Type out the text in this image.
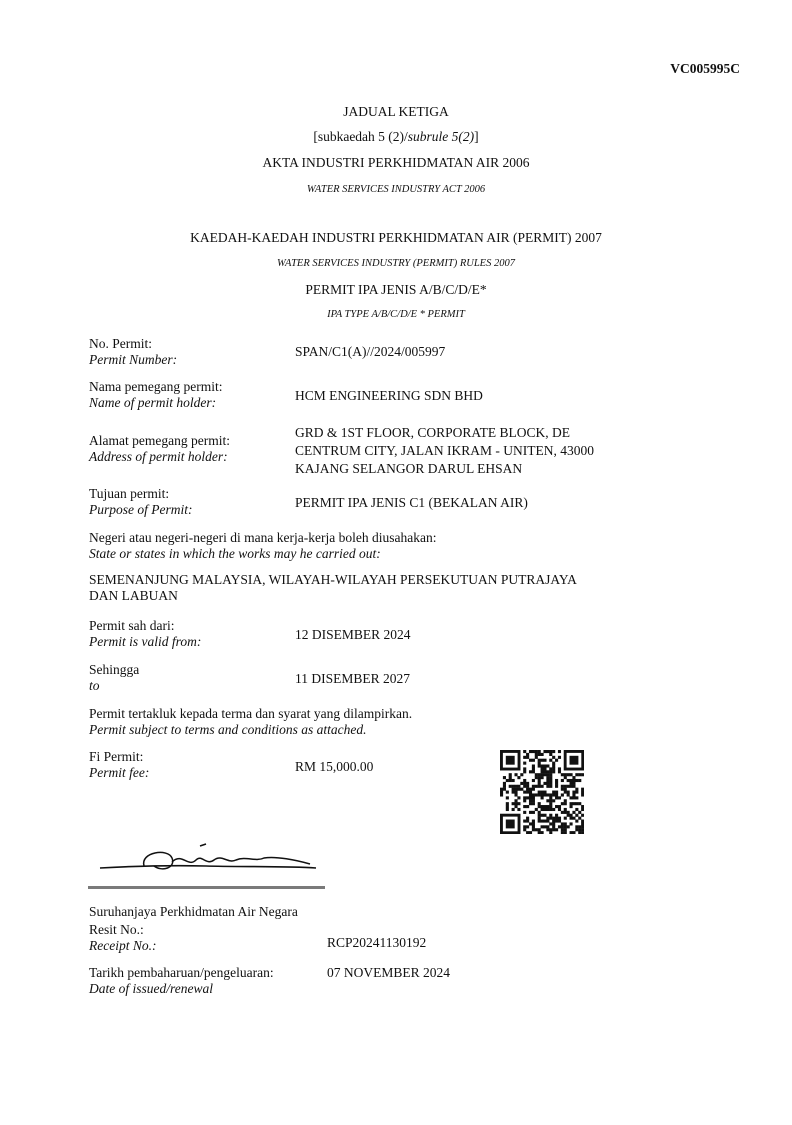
VC005995C
JADUAL KETIGA
[subkaedah 5 (2)/subrule 5(2)]
AKTA INDUSTRI PERKHIDMATAN AIR 2006
WATER SERVICES INDUSTRY ACT 2006
KAEDAH-KAEDAH INDUSTRI PERKHIDMATAN AIR (PERMIT) 2007
WATER SERVICES INDUSTRY (PERMIT) RULES 2007
PERMIT IPA JENIS A/B/C/D/E*
IPA TYPE A/B/C/D/E * PERMIT
No. Permit:
Permit Number:
SPAN/C1(A)//2024/005997
Nama pemegang permit:
Name of permit holder:	HCM ENGINEERING SDN BHD
Alamat pemegang permit:
Address of permit holder:
GRD & 1ST FLOOR, CORPORATE BLOCK, DE
CENTRUM CITY, JALAN IKRAM - UNITEN, 43000
KAJANG SELANGOR DARUL EHSAN
Tujuan permit:
Purpose of Permit:	PERMIT IPA JENIS C1 (BEKALAN AIR)
Negeri atau negeri-negeri di mana kerja-kerja boleh diusahakan:
State or states in which the works may he carried out:
SEMENANJUNG MALAYSIA, WILAYAH-WILAYAH PERSEKUTUAN PUTRAJAYA
DAN LABUAN
Permit sah dari:
Permit is valid from:	12 DISEMBER 2024
Sehingga
to	11 DISEMBER 2027
Permit tertakluk kepada terma dan syarat yang dilampirkan.
Permit subject to terms and conditions as attached.
Fi Permit:
Permit fee:	RM 15,000.00
Suruhanjaya Perkhidmatan Air Negara
Resit No.:
Receipt No.:	RCP20241130192
Tarikh pembaharuan/pengeluaran:
Date of issued/renewal
07 NOVEMBER 2024
